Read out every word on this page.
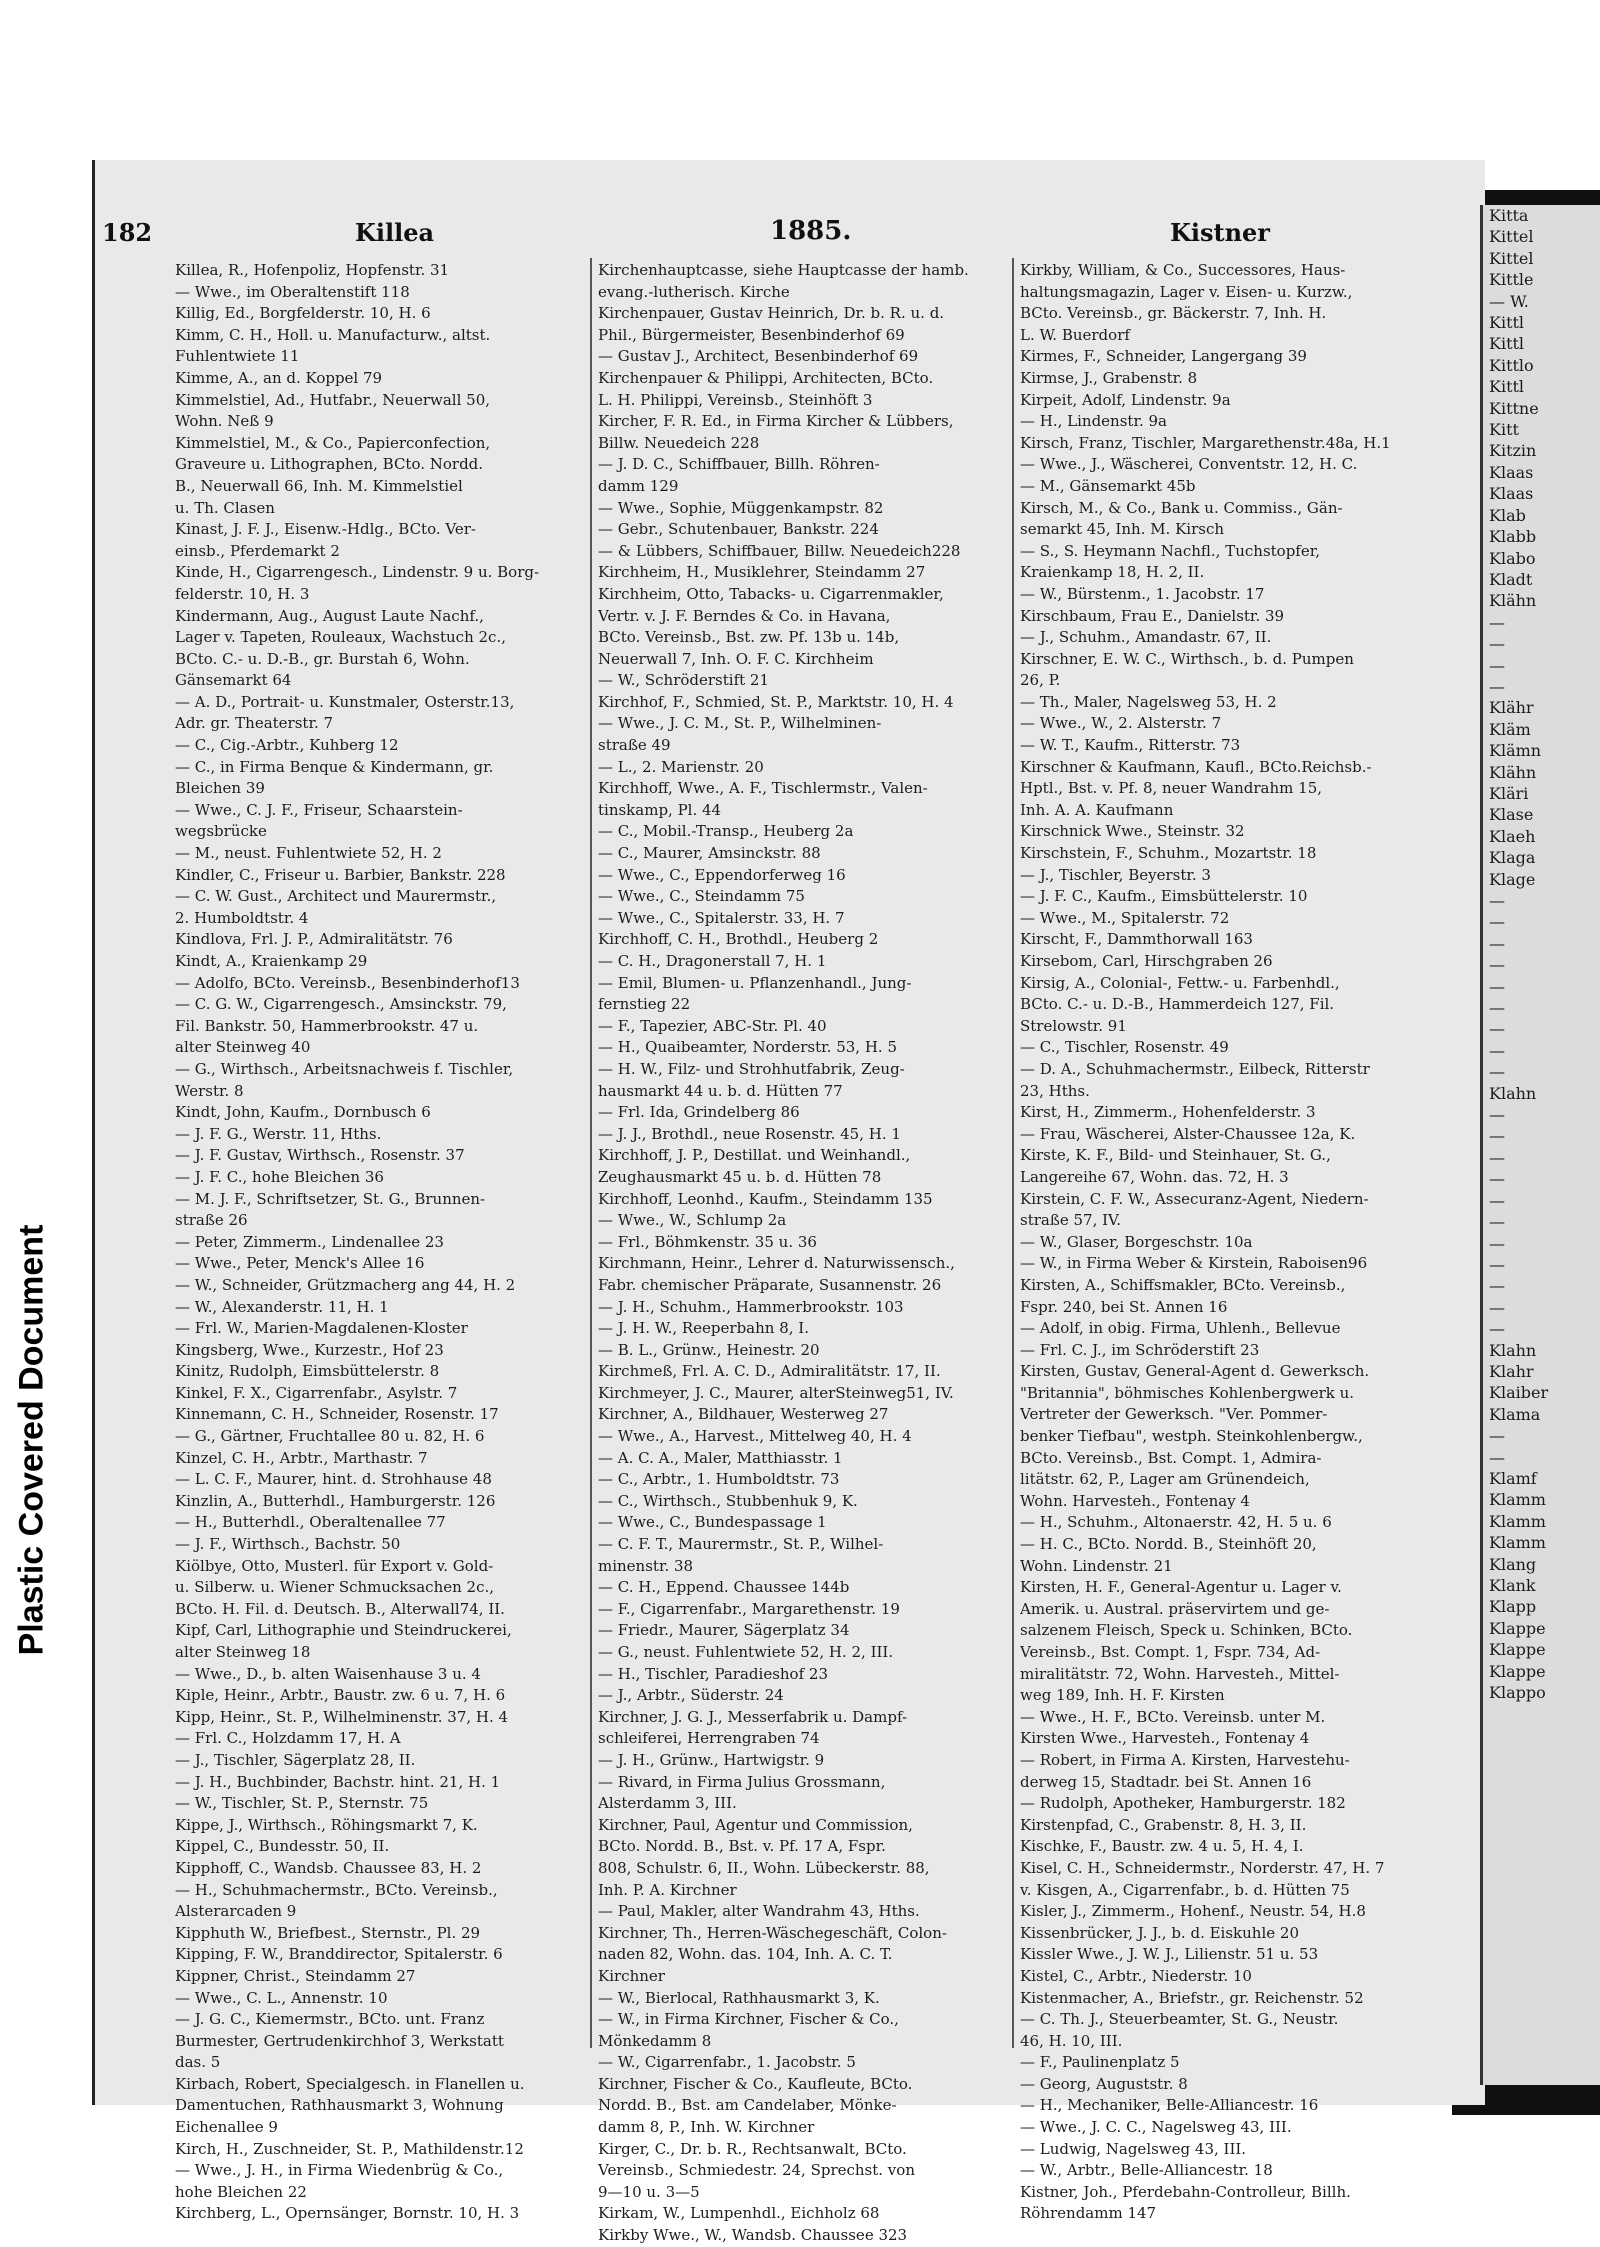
Plastic Covered Document
Kitta
Kittel
Kittel
Kittle
— W.
Kittl
Kittl
Kittlo
Kittl
Kittne
Kitt
Kitzin
Klaas
Klaas
Klab
Klabb
Klabo
Kladt
Klähn
—
—
—
—
Klähr
Kläm
Klämn
Klähn
Kläri
Klase
Klaeh
Klaga
Klage
—
—
—
—
—
—
—
—
—
Klahn
—
—
—
—
—
—
—
—
—
—
—
Klahn
Klahr
Klaiber
Klama
—
—
Klamf
Klamm
Klamm
Klamm
Klang
Klank
Klapp
Klappe
Klappe
Klappe
Klappo
182	Killea	1885.	Kistner
Killea, R., Hofenpoliz, Hopfenstr. 31
— Wwe., im Oberaltenstift 118
Killig, Ed., Borgfelderstr. 10, H. 6
Kimm, C. H., Holl. u. Manufacturw., altst.
Fuhlentwiete 11
Kimme, A., an d. Koppel 79
Kimmelstiel, Ad., Hutfabr., Neuerwall 50,
Wohn. Neß 9
Kimmelstiel, M., & Co., Papierconfection,
Graveure u. Lithographen, BCto. Nordd.
B., Neuerwall 66, Inh. M. Kimmelstiel
u. Th. Clasen
Kinast, J. F. J., Eisenw.-Hdlg., BCto. Ver-
einsb., Pferdemarkt 2
Kinde, H., Cigarrengesch., Lindenstr. 9 u. Borg-
felderstr. 10, H. 3
Kindermann, Aug., August Laute Nachf.,
Lager v. Tapeten, Rouleaux, Wachstuch 2c.,
BCto. C.- u. D.-B., gr. Burstah 6, Wohn.
Gänsemarkt 64
— A. D., Portrait- u. Kunstmaler, Osterstr.13,
Adr. gr. Theaterstr. 7
— C., Cig.-Arbtr., Kuhberg 12
— C., in Firma Benque & Kindermann, gr.
Bleichen 39
— Wwe., C. J. F., Friseur, Schaarstein-
wegsbrücke
— M., neust. Fuhlentwiete 52, H. 2
Kindler, C., Friseur u. Barbier, Bankstr. 228
— C. W. Gust., Architect und Maurermstr.,
2. Humboldtstr. 4
Kindlova, Frl. J. P., Admiralitätstr. 76
Kindt, A., Kraienkamp 29
— Adolfo, BCto. Vereinsb., Besenbinderhof13
— C. G. W., Cigarrengesch., Amsinckstr. 79,
Fil. Bankstr. 50, Hammerbrookstr. 47 u.
alter Steinweg 40
— G., Wirthsch., Arbeitsnachweis f. Tischler,
Werstr. 8
Kindt, John, Kaufm., Dornbusch 6
— J. F. G., Werstr. 11, Hths.
— J. F. Gustav, Wirthsch., Rosenstr. 37
— J. F. C., hohe Bleichen 36
— M. J. F., Schriftsetzer, St. G., Brunnen-
straße 26
— Peter, Zimmerm., Lindenallee 23
— Wwe., Peter, Menck's Allee 16
— W., Schneider, Grützmacherg ang 44, H. 2
— W., Alexanderstr. 11, H. 1
— Frl. W., Marien-Magdalenen-Kloster
Kingsberg, Wwe., Kurzestr., Hof 23
Kinitz, Rudolph, Eimsbüttelerstr. 8
Kinkel, F. X., Cigarrenfabr., Asylstr. 7
Kinnemann, C. H., Schneider, Rosenstr. 17
— G., Gärtner, Fruchtallee 80 u. 82, H. 6
Kinzel, C. H., Arbtr., Marthastr. 7
— L. C. F., Maurer, hint. d. Strohhause 48
Kinzlin, A., Butterhdl., Hamburgerstr. 126
— H., Butterhdl., Oberaltenallee 77
— J. F., Wirthsch., Bachstr. 50
Kiölbye, Otto, Musterl. für Export v. Gold-
u. Silberw. u. Wiener Schmucksachen 2c.,
BCto. H. Fil. d. Deutsch. B., Alterwall74, II.
Kipf, Carl, Lithographie und Steindruckerei,
alter Steinweg 18
— Wwe., D., b. alten Waisenhause 3 u. 4
Kiple, Heinr., Arbtr., Baustr. zw. 6 u. 7, H. 6
Kipp, Heinr., St. P., Wilhelminenstr. 37, H. 4
— Frl. C., Holzdamm 17, H. A
— J., Tischler, Sägerplatz 28, II.
— J. H., Buchbinder, Bachstr. hint. 21, H. 1
— W., Tischler, St. P., Sternstr. 75
Kippe, J., Wirthsch., Röhingsmarkt 7, K.
Kippel, C., Bundesstr. 50, II.
Kipphoff, C., Wandsb. Chaussee 83, H. 2
— H., Schuhmachermstr., BCto. Vereinsb.,
Alsterarcaden 9
Kipphuth W., Briefbest., Sternstr., Pl. 29
Kipping, F. W., Branddirector, Spitalerstr. 6
Kippner, Christ., Steindamm 27
— Wwe., C. L., Annenstr. 10
— J. G. C., Kiemermstr., BCto. unt. Franz
Burmester, Gertrudenkirchhof 3, Werkstatt
das. 5
Kirbach, Robert, Specialgesch. in Flanellen u.
Damentuchen, Rathhausmarkt 3, Wohnung
Eichenallee 9
Kirch, H., Zuschneider, St. P., Mathildenstr.12
— Wwe., J. H., in Firma Wiedenbrüg & Co.,
hohe Bleichen 22
Kirchberg, L., Opernsänger, Bornstr. 10, H. 3
Kirchenhauptcasse, siehe Hauptcasse der hamb.
evang.-lutherisch. Kirche
Kirchenpauer, Gustav Heinrich, Dr. b. R. u. d.
Phil., Bürgermeister, Besenbinderhof 69
— Gustav J., Architect, Besenbinderhof 69
Kirchenpauer & Philippi, Architecten, BCto.
L. H. Philippi, Vereinsb., Steinhöft 3
Kircher, F. R. Ed., in Firma Kircher & Lübbers,
Billw. Neuedeich 228
— J. D. C., Schiffbauer, Billh. Röhren-
damm 129
— Wwe., Sophie, Müggenkampstr. 82
— Gebr., Schutenbauer, Bankstr. 224
— & Lübbers, Schiffbauer, Billw. Neuedeich228
Kirchheim, H., Musiklehrer, Steindamm 27
Kirchheim, Otto, Tabacks- u. Cigarrenmakler,
Vertr. v. J. F. Berndes & Co. in Havana,
BCto. Vereinsb., Bst. zw. Pf. 13b u. 14b,
Neuerwall 7, Inh. O. F. C. Kirchheim
— W., Schröderstift 21
Kirchhof, F., Schmied, St. P., Marktstr. 10, H. 4
— Wwe., J. C. M., St. P., Wilhelminen-
straße 49
— L., 2. Marienstr. 20
Kirchhoff, Wwe., A. F., Tischlermstr., Valen-
tinskamp, Pl. 44
— C., Mobil.-Transp., Heuberg 2a
— C., Maurer, Amsinckstr. 88
— Wwe., C., Eppendorferweg 16
— Wwe., C., Steindamm 75
— Wwe., C., Spitalerstr. 33, H. 7
Kirchhoff, C. H., Brothdl., Heuberg 2
— C. H., Dragonerstall 7, H. 1
— Emil, Blumen- u. Pflanzenhandl., Jung-
fernstieg 22
— F., Tapezier, ABC-Str. Pl. 40
— H., Quaibeamter, Norderstr. 53, H. 5
— H. W., Filz- und Strohhutfabrik, Zeug-
hausmarkt 44 u. b. d. Hütten 77
— Frl. Ida, Grindelberg 86
— J. J., Brothdl., neue Rosenstr. 45, H. 1
Kirchhoff, J. P., Destillat. und Weinhandl.,
Zeughausmarkt 45 u. b. d. Hütten 78
Kirchhoff, Leonhd., Kaufm., Steindamm 135
— Wwe., W., Schlump 2a
— Frl., Böhmkenstr. 35 u. 36
Kirchmann, Heinr., Lehrer d. Naturwissensch.,
Fabr. chemischer Präparate, Susannenstr. 26
— J. H., Schuhm., Hammerbrookstr. 103
— J. H. W., Reeperbahn 8, I.
— B. L., Grünw., Heinestr. 20
Kirchmeß, Frl. A. C. D., Admiralitätstr. 17, II.
Kirchmeyer, J. C., Maurer, alterSteinweg51, IV.
Kirchner, A., Bildhauer, Westerweg 27
— Wwe., A., Harvest., Mittelweg 40, H. 4
— A. C. A., Maler, Matthiasstr. 1
— C., Arbtr., 1. Humboldtstr. 73
— C., Wirthsch., Stubbenhuk 9, K.
— Wwe., C., Bundespassage 1
— C. F. T., Maurermstr., St. P., Wilhel-
minenstr. 38
— C. H., Eppend. Chaussee 144b
— F., Cigarrenfabr., Margarethenstr. 19
— Friedr., Maurer, Sägerplatz 34
— G., neust. Fuhlentwiete 52, H. 2, III.
— H., Tischler, Paradieshof 23
— J., Arbtr., Süderstr. 24
Kirchner, J. G. J., Messerfabrik u. Dampf-
schleiferei, Herrengraben 74
— J. H., Grünw., Hartwigstr. 9
— Rivard, in Firma Julius Grossmann,
Alsterdamm 3, III.
Kirchner, Paul, Agentur und Commission,
BCto. Nordd. B., Bst. v. Pf. 17 A, Fspr.
808, Schulstr. 6, II., Wohn. Lübeckerstr. 88,
Inh. P. A. Kirchner
— Paul, Makler, alter Wandrahm 43, Hths.
Kirchner, Th., Herren-Wäschegeschäft, Colon-
naden 82, Wohn. das. 104, Inh. A. C. T.
Kirchner
— W., Bierlocal, Rathhausmarkt 3, K.
— W., in Firma Kirchner, Fischer & Co.,
Mönkedamm 8
— W., Cigarrenfabr., 1. Jacobstr. 5
Kirchner, Fischer & Co., Kaufleute, BCto.
Nordd. B., Bst. am Candelaber, Mönke-
damm 8, P., Inh. W. Kirchner
Kirger, C., Dr. b. R., Rechtsanwalt, BCto.
Vereinsb., Schmiedestr. 24, Sprechst. von
9—10 u. 3—5
Kirkam, W., Lumpenhdl., Eichholz 68
Kirkby Wwe., W., Wandsb. Chaussee 323
Kirkby, William, & Co., Successores, Haus-
haltungsmagazin, Lager v. Eisen- u. Kurzw.,
BCto. Vereinsb., gr. Bäckerstr. 7, Inh. H.
L. W. Buerdorf
Kirmes, F., Schneider, Langergang 39
Kirmse, J., Grabenstr. 8
Kirpeit, Adolf, Lindenstr. 9a
— H., Lindenstr. 9a
Kirsch, Franz, Tischler, Margarethenstr.48a, H.1
— Wwe., J., Wäscherei, Conventstr. 12, H. C.
— M., Gänsemarkt 45b
Kirsch, M., & Co., Bank u. Commiss., Gän-
semarkt 45, Inh. M. Kirsch
— S., S. Heymann Nachfl., Tuchstopfer,
Kraienkamp 18, H. 2, II.
— W., Bürstenm., 1. Jacobstr. 17
Kirschbaum, Frau E., Danielstr. 39
— J., Schuhm., Amandastr. 67, II.
Kirschner, E. W. C., Wirthsch., b. d. Pumpen
26, P.
— Th., Maler, Nagelsweg 53, H. 2
— Wwe., W., 2. Alsterstr. 7
— W. T., Kaufm., Ritterstr. 73
Kirschner & Kaufmann, Kaufl., BCto.Reichsb.-
Hptl., Bst. v. Pf. 8, neuer Wandrahm 15,
Inh. A. A. Kaufmann
Kirschnick Wwe., Steinstr. 32
Kirschstein, F., Schuhm., Mozartstr. 18
— J., Tischler, Beyerstr. 3
— J. F. C., Kaufm., Eimsbüttelerstr. 10
— Wwe., M., Spitalerstr. 72
Kirscht, F., Dammthorwall 163
Kirsebom, Carl, Hirschgraben 26
Kirsig, A., Colonial-, Fettw.- u. Farbenhdl.,
BCto. C.- u. D.-B., Hammerdeich 127, Fil.
Strelowstr. 91
— C., Tischler, Rosenstr. 49
— D. A., Schuhmachermstr., Eilbeck, Ritterstr
23, Hths.
Kirst, H., Zimmerm., Hohenfelderstr. 3
— Frau, Wäscherei, Alster-Chaussee 12a, K.
Kirste, K. F., Bild- und Steinhauer, St. G.,
Langereihe 67, Wohn. das. 72, H. 3
Kirstein, C. F. W., Assecuranz-Agent, Niedern-
straße 57, IV.
— W., Glaser, Borgeschstr. 10a
— W., in Firma Weber & Kirstein, Raboisen96
Kirsten, A., Schiffsmakler, BCto. Vereinsb.,
Fspr. 240, bei St. Annen 16
— Adolf, in obig. Firma, Uhlenh., Bellevue
— Frl. C. J., im Schröderstift 23
Kirsten, Gustav, General-Agent d. Gewerksch.
"Britannia", böhmisches Kohlenbergwerk u.
Vertreter der Gewerksch. "Ver. Pommer-
benker Tiefbau", westph. Steinkohlenbergw.,
BCto. Vereinsb., Bst. Compt. 1, Admira-
litätstr. 62, P., Lager am Grünendeich,
Wohn. Harvesteh., Fontenay 4
— H., Schuhm., Altonaerstr. 42, H. 5 u. 6
— H. C., BCto. Nordd. B., Steinhöft 20,
Wohn. Lindenstr. 21
Kirsten, H. F., General-Agentur u. Lager v.
Amerik. u. Austral. präservirtem und ge-
salzenem Fleisch, Speck u. Schinken, BCto.
Vereinsb., Bst. Compt. 1, Fspr. 734, Ad-
miralitätstr. 72, Wohn. Harvesteh., Mittel-
weg 189, Inh. H. F. Kirsten
— Wwe., H. F., BCto. Vereinsb. unter M.
Kirsten Wwe., Harvesteh., Fontenay 4
— Robert, in Firma A. Kirsten, Harvestehu-
derweg 15, Stadtadr. bei St. Annen 16
— Rudolph, Apotheker, Hamburgerstr. 182
Kirstenpfad, C., Grabenstr. 8, H. 3, II.
Kischke, F., Baustr. zw. 4 u. 5, H. 4, I.
Kisel, C. H., Schneidermstr., Norderstr. 47, H. 7
v. Kisgen, A., Cigarrenfabr., b. d. Hütten 75
Kisler, J., Zimmerm., Hohenf., Neustr. 54, H.8
Kissenbrücker, J. J., b. d. Eiskuhle 20
Kissler Wwe., J. W. J., Lilienstr. 51 u. 53
Kistel, C., Arbtr., Niederstr. 10
Kistenmacher, A., Briefstr., gr. Reichenstr. 52
— C. Th. J., Steuerbeamter, St. G., Neustr.
46, H. 10, III.
— F., Paulinenplatz 5
— Georg, Auguststr. 8
— H., Mechaniker, Belle-Alliancestr. 16
— Wwe., J. C. C., Nagelsweg 43, III.
— Ludwig, Nagelsweg 43, III.
— W., Arbtr., Belle-Alliancestr. 18
Kistner, Joh., Pferdebahn-Controlleur, Billh.
Röhrendamm 147
